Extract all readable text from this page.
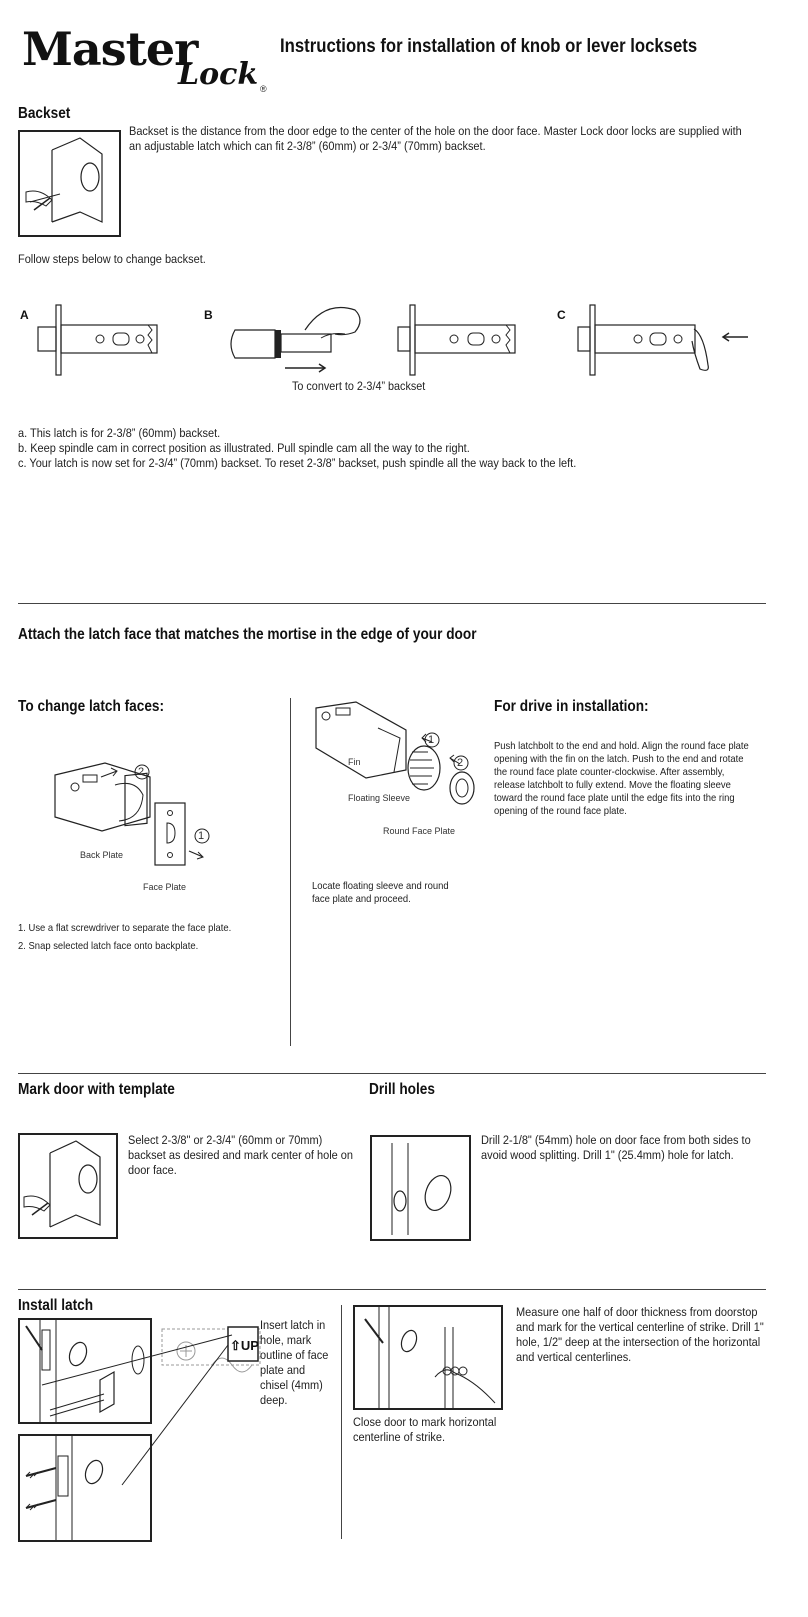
Master
Lock ®
Instructions for installation of knob or lever locksets
Backset
Backset is the distance from the door edge to the center of the hole on the door face. Master Lock door locks are supplied with an adjustable latch which can fit 2-3/8” (60mm) or 2-3/4” (70mm) backset.
Follow steps below to change backset.
A	B	C
To convert to 2-3/4” backset
a. This latch is for 2-3/8” (60mm) backset.
b. Keep spindle cam in correct position as illustrated. Pull spindle cam all the way to the right.
c. Your latch is now set for 2-3/4” (70mm) backset. To reset 2-3/8” backset, push spindle all the way back to the left.
Attach the latch face that matches the mortise in the edge of your door
To change latch faces:
2
1
Back Plate
Face Plate
1. Use a flat screwdriver to separate the face plate.
2. Snap selected latch face onto backplate.
1
2
Fin
Floating Sleeve
Round Face Plate
Locate floating sleeve and round face plate and proceed.
For drive in installation:
Push latchbolt to the end and hold. Align the round face plate opening with the fin on the latch. Push to the end and rotate the round face plate counter-clockwise. After assembly, release latchbolt to fully extend. Move the floating sleeve toward the round face plate until the edge fits into the ring opening of the round face plate.
Mark door with template
Select 2-3/8" or 2-3/4" (60mm or 70mm) backset as desired and mark center of hole on door face.
Drill holes
Drill 2-1/8" (54mm) hole on door face from both sides to avoid wood splitting. Drill 1" (25.4mm) hole for latch.
Install latch
⇧UP
Insert latch in hole, mark outline of face plate and chisel (4mm) deep.
Close door to mark horizontal centerline of strike.
Measure one half of door thickness from doorstop and mark for the vertical centerline of strike. Drill 1" hole, 1/2" deep at the intersection of the horizontal and vertical centerlines.
